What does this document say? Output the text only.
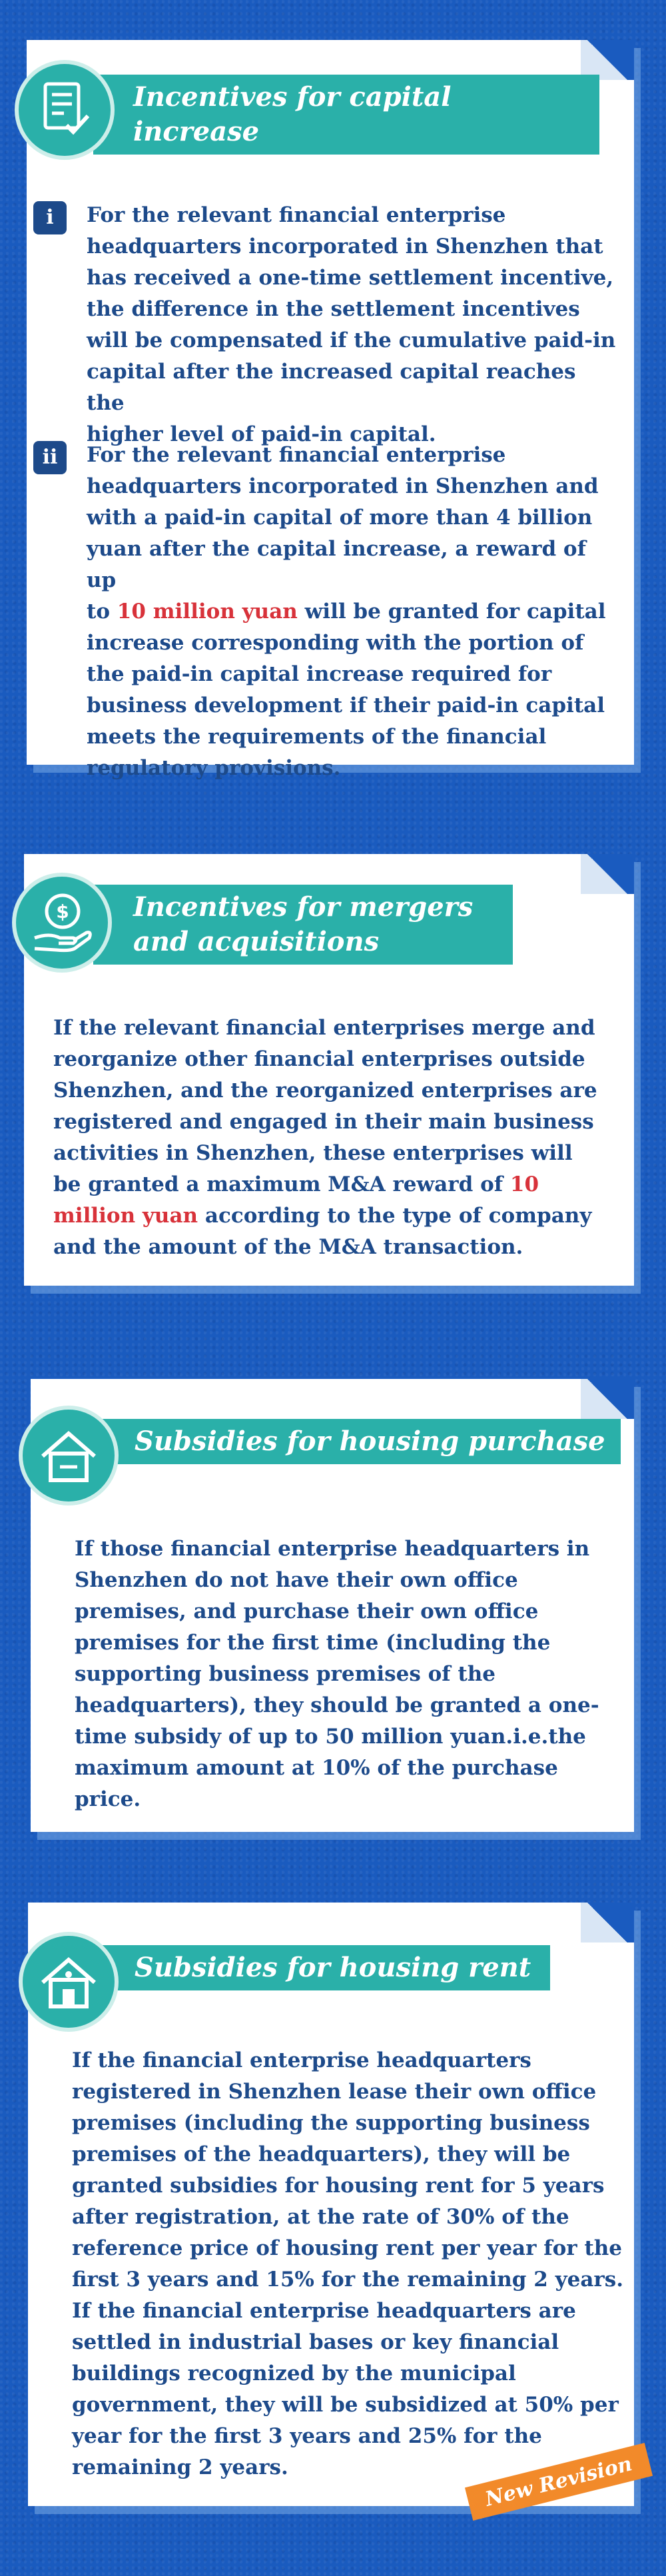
Incentives for capital increase
i	For the relevant financial enterprise
headquarters incorporated in Shenzhen that
has received a one-time settlement incentive,
the difference in the settlement incentives
will be compensated if the cumulative paid-in
capital after the increased capital reaches the
higher level of paid-in capital.
ii	For the relevant financial enterprise
headquarters incorporated in Shenzhen and
with a paid-in capital of more than 4 billion
yuan after the capital increase, a reward of up
to 10 million yuan will be granted for capital
increase corresponding with the portion of
the paid-in capital increase required for
business development if their paid-in capital
meets the requirements of the financial
regulatory provisions.
Incentives for mergers
and acquisitions
$
If the relevant financial enterprises merge and
reorganize other financial enterprises outside
Shenzhen, and the reorganized enterprises are
registered and engaged in their main business
activities in Shenzhen, these enterprises will
be granted a maximum M&A reward of 10
million yuan according to the type of company
and the amount of the M&A transaction.
Subsidies for housing purchase
If those financial enterprise headquarters in
Shenzhen do not have their own office
premises, and purchase their own office
premises for the first time (including the
supporting business premises of the
headquarters), they should be granted a one-
time subsidy of up to 50 million yuan.i.e.the
maximum amount at 10% of the purchase
price.
Subsidies for housing rent
If the financial enterprise headquarters
registered in Shenzhen lease their own office
premises (including the supporting business
premises of the headquarters), they will be
granted subsidies for housing rent for 5 years
after registration, at the rate of 30% of the
reference price of housing rent per year for the
first 3 years and 15% for the remaining 2 years.
If the financial enterprise headquarters are
settled in industrial bases or key financial
buildings recognized by the municipal
government, they will be subsidized at 50% per
year for the first 3 years and 25% for the
remaining 2 years.	New Revision
